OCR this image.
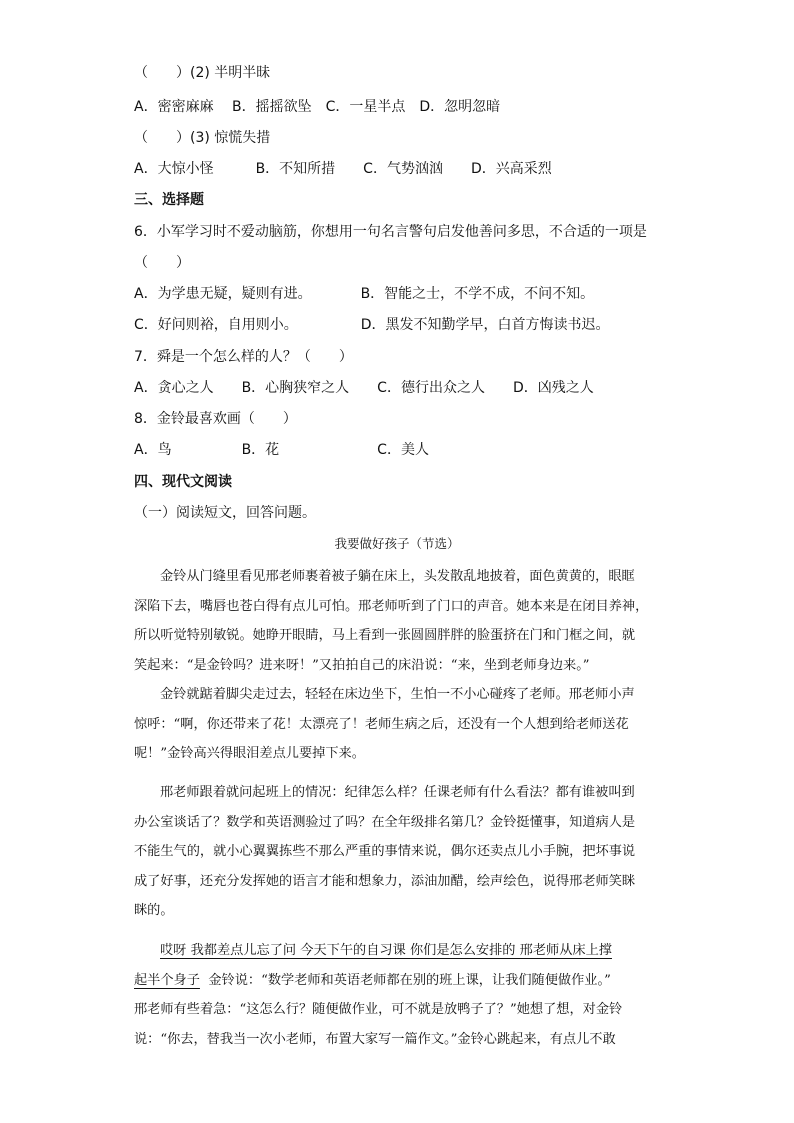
（　　）(2) 半明半昧
A．密密麻麻　 B．摇摇欲坠　C．一星半点　D．忽明忽暗
（　　）(3) 惊慌失措
A．大惊小怪　　　B．不知所措　　C．气势汹汹　　D．兴高采烈
三、选择题
6．小军学习时不爱动脑筋，你想用一句名言警句启发他善问多思，不合适的一项是
（　　）
A．为学患无疑，疑则有进。　　　　B．智能之士，不学不成，不问不知。
C．好问则裕，自用则小。　　　　　D．黑发不知勤学早，白首方悔读书迟。
7．舜是一个怎么样的人？（　　）
A．贪心之人　　B．心胸狭窄之人　　C．德行出众之人　　D．凶残之人
8．金铃最喜欢画（　　）
A．鸟　　　　　B．花　　　　　　　C．美人
四、现代文阅读
（一）阅读短文，回答问题。
我要做好孩子（节选）
金铃从门缝里看见邢老师裹着被子躺在床上，头发散乱地披着，面色黄黄的，眼眶
深陷下去，嘴唇也苍白得有点儿可怕。邢老师听到了门口的声音。她本来是在闭目养神，
所以听觉特别敏锐。她睁开眼睛，马上看到一张圆圆胖胖的脸蛋挤在门和门框之间，就
笑起来：“是金铃吗？进来呀！”又拍拍自己的床沿说：“来，坐到老师身边来。”
金铃就踮着脚尖走过去，轻轻在床边坐下，生怕一不小心碰疼了老师。邢老师小声
惊呼：“啊，你还带来了花！太漂亮了！老师生病之后，还没有一个人想到给老师送花
呢！”金铃高兴得眼泪差点儿要掉下来。
邢老师跟着就问起班上的情况：纪律怎么样？任课老师有什么看法？都有谁被叫到
办公室谈话了？数学和英语测验过了吗？在全年级排名第几？金铃挺懂事，知道病人是
不能生气的，就小心翼翼拣些不那么严重的事情来说，偶尔还卖点儿小手腕，把坏事说
成了好事，还充分发挥她的语言才能和想象力，添油加醋，绘声绘色，说得邢老师笑眯
眯的。
哎呀 我都差点儿忘了问 今天下午的自习课 你们是怎么安排的 邢老师从床上撑
起半个身子  金铃说：“数学老师和英语老师都在别的班上课，让我们随便做作业。”
邢老师有些着急：“这怎么行？随便做作业，可不就是放鸭子了？”她想了想，对金铃
说：“你去，替我当一次小老师，布置大家写一篇作文。”金铃心跳起来，有点儿不敢
